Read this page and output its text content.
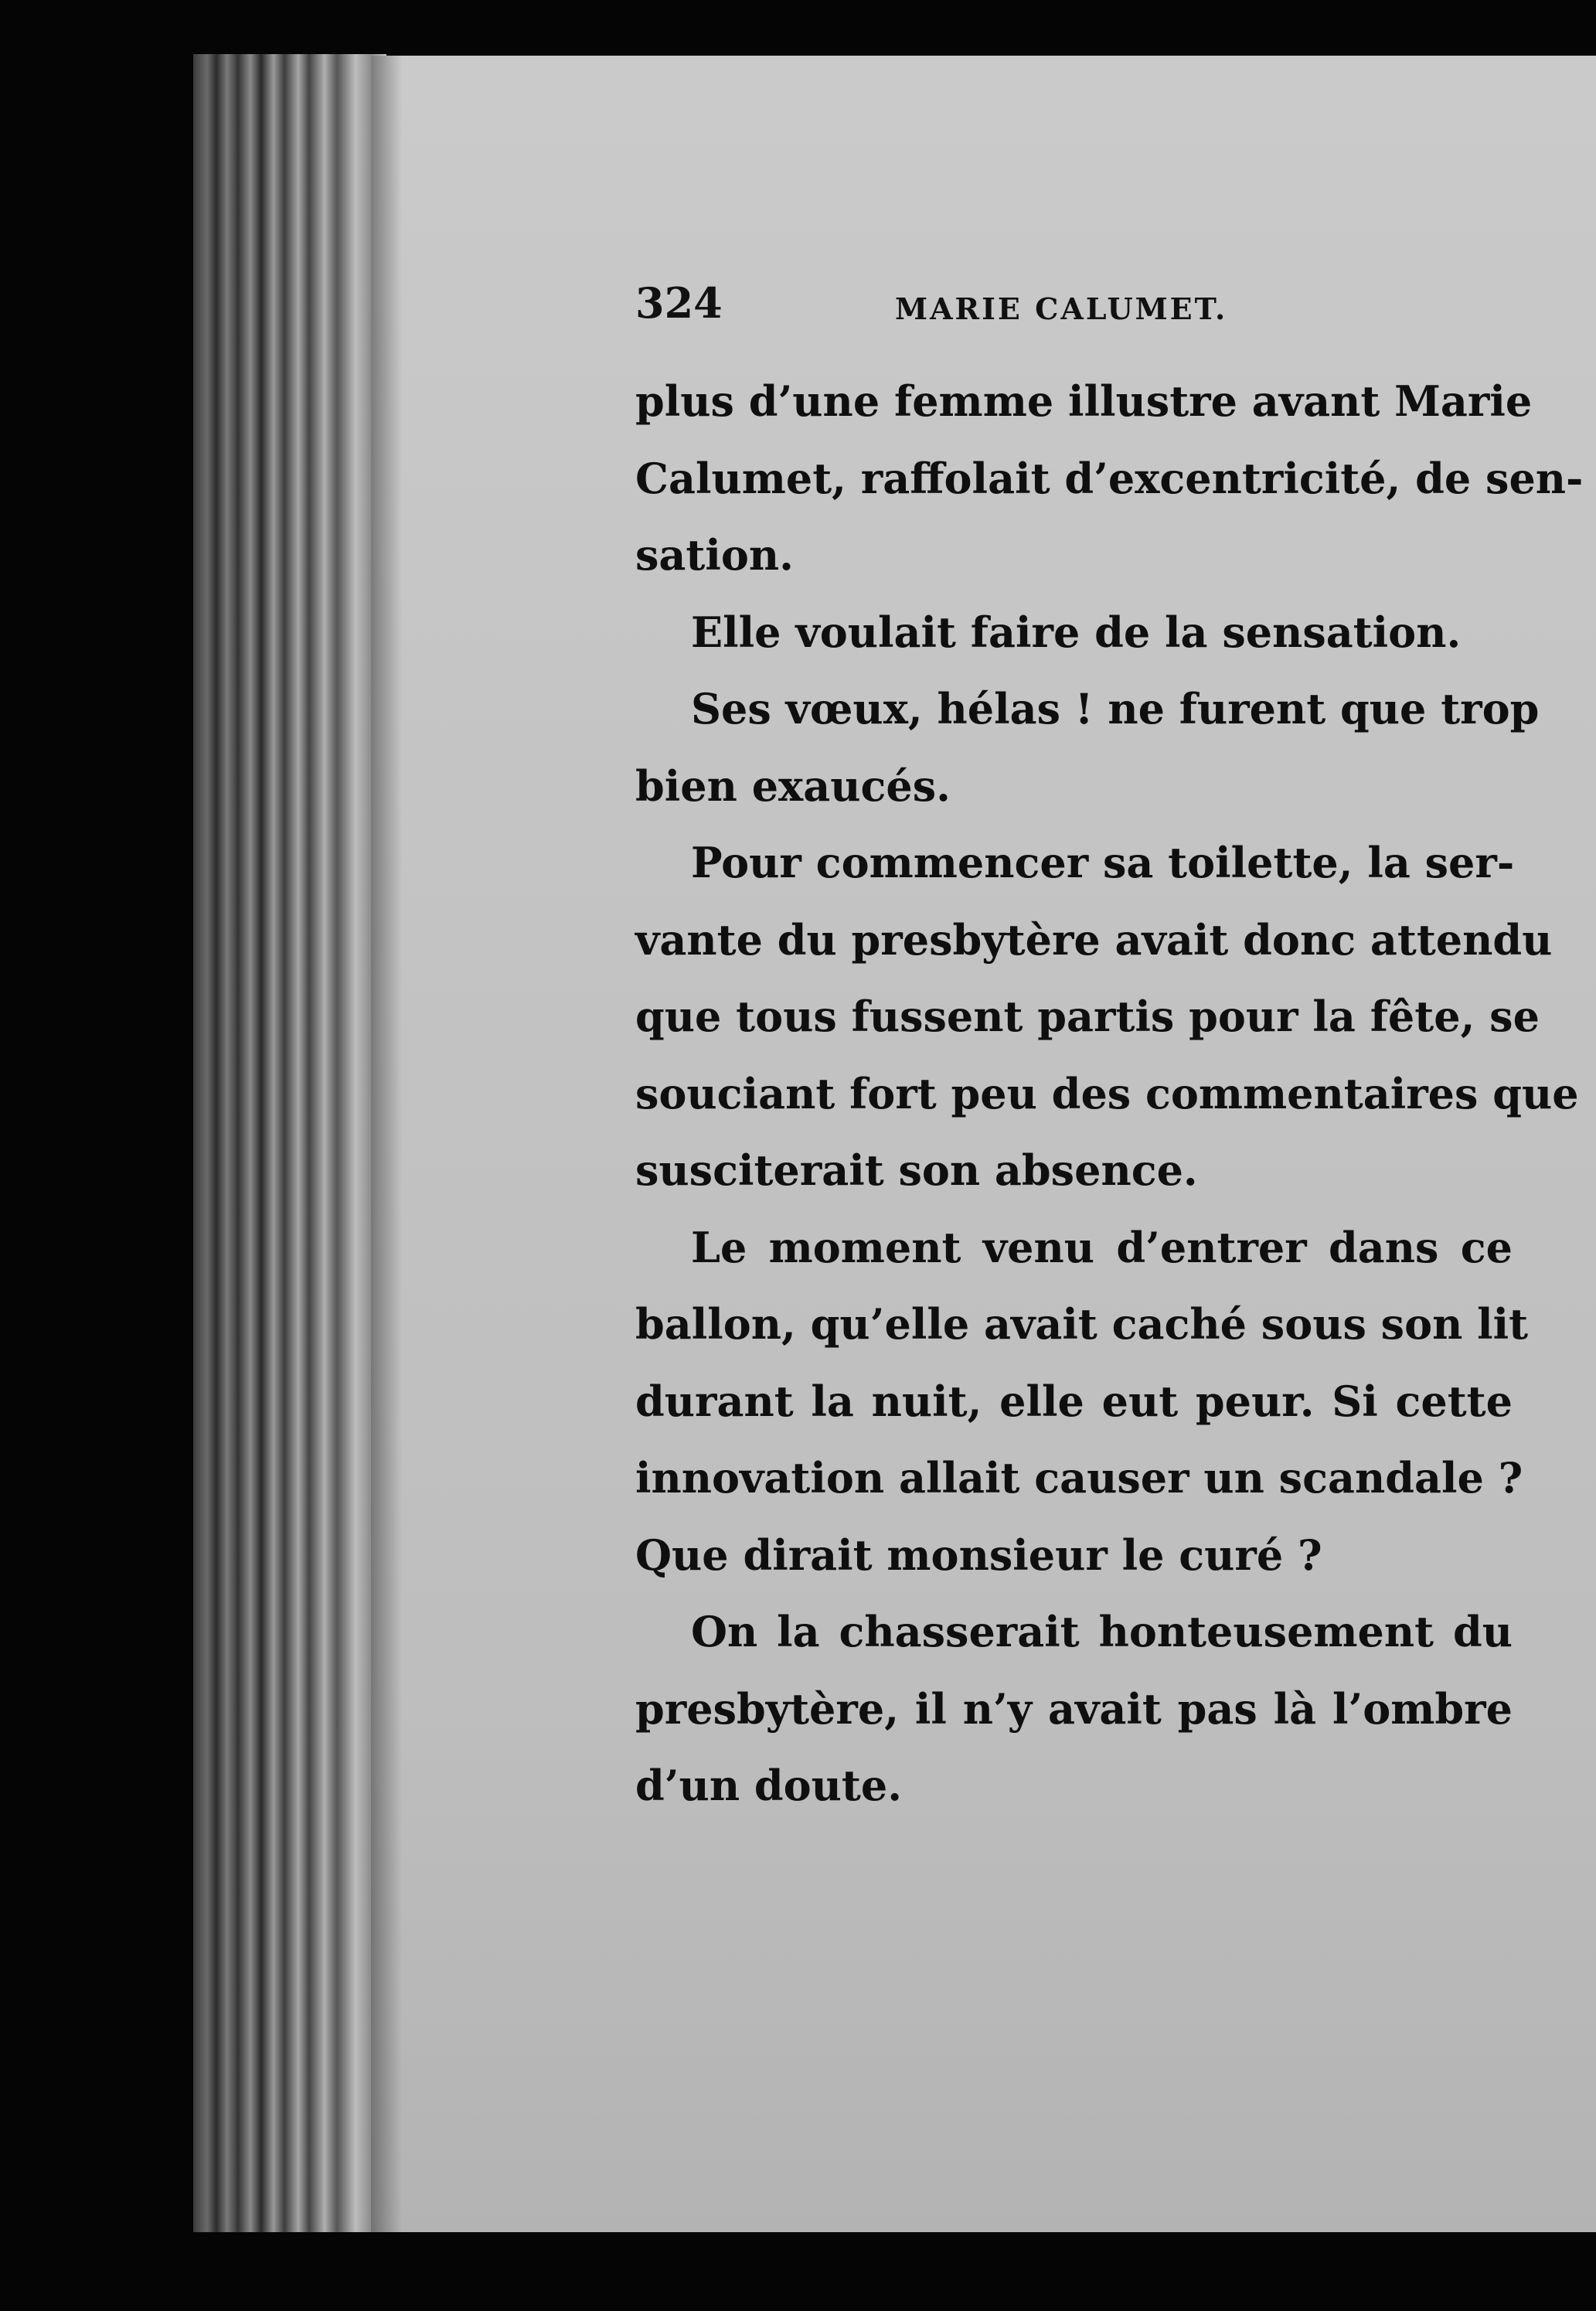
324	MARIE CALUMET.
plus d’une femme illustre avant Marie
Calumet, raffolait d’excentricité, de sen-
sation.
Elle voulait faire de la sensation.
Ses vœux, hélas ! ne furent que trop
bien exaucés.
Pour commencer sa toilette, la ser-
vante du presbytère avait donc attendu
que tous fussent partis pour la fête, se
souciant fort peu des commentaires que
susciterait son absence.
Le moment venu d’entrer dans ce
ballon, qu’elle avait caché sous son lit
durant la nuit, elle eut peur. Si cette
innovation allait causer un scandale ?
Que dirait monsieur le curé ?
On la chasserait honteusement du
presbytère, il n’y avait pas là l’ombre
d’un doute.
